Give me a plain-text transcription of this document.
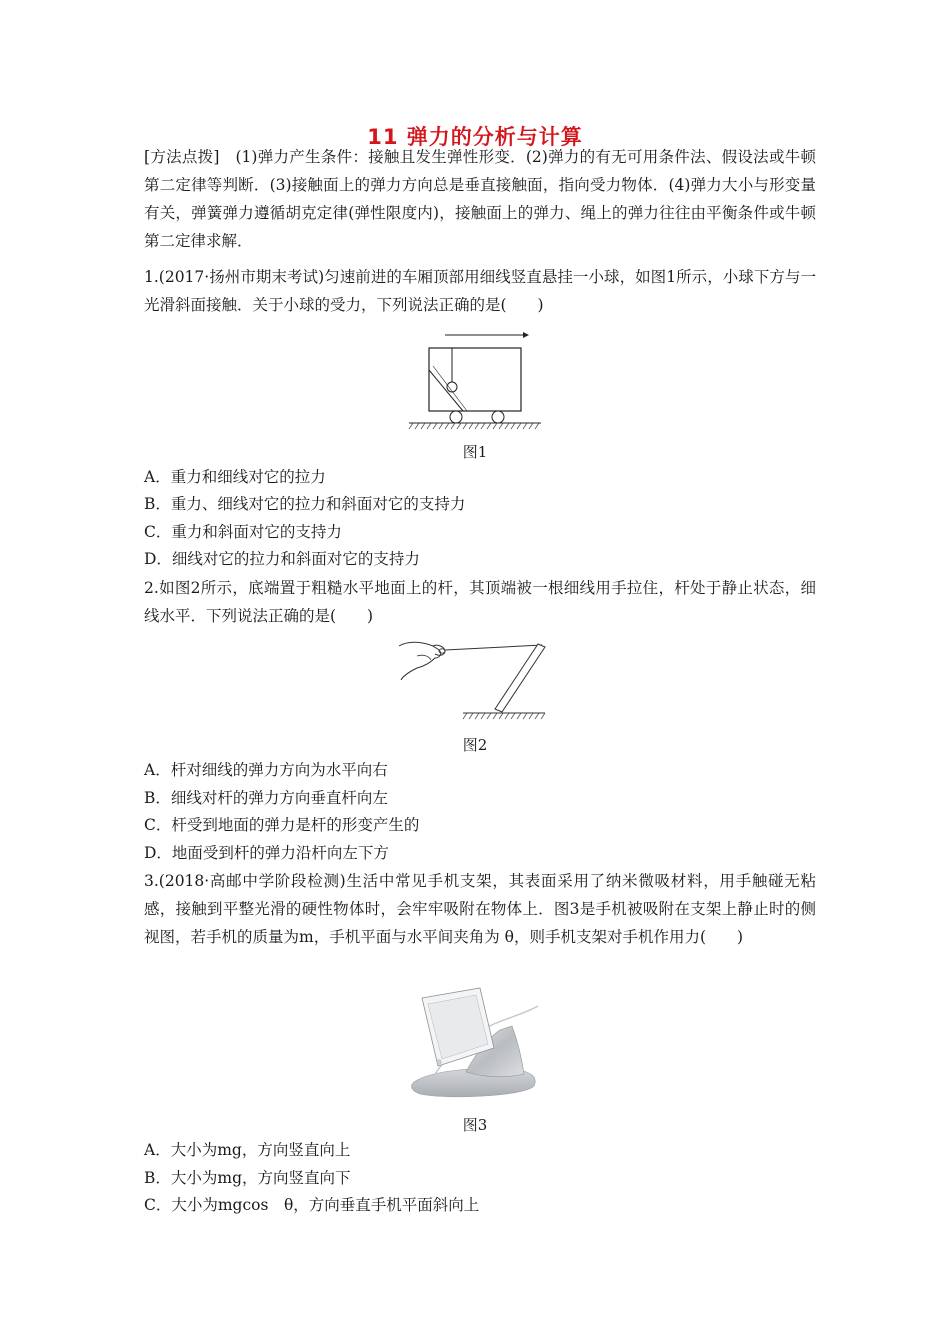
11 弹力的分析与计算
[方法点拨]　(1)弹力产生条件：接触且发生弹性形变．(2)弹力的有无可用条件法、假设法或牛顿第二定律等判断．(3)接触面上的弹力方向总是垂直接触面，指向受力物体．(4)弹力大小与形变量有关，弹簧弹力遵循胡克定律(弹性限度内)，接触面上的弹力、绳上的弹力往往由平衡条件或牛顿第二定律求解．
1.(2017·扬州市期末考试)匀速前进的车厢顶部用细线竖直悬挂一小球，如图1所示，小球下方与一光滑斜面接触．关于小球的受力，下列说法正确的是(　　)
图1
A．重力和细线对它的拉力
B．重力、细线对它的拉力和斜面对它的支持力
C．重力和斜面对它的支持力
D．细线对它的拉力和斜面对它的支持力
2.如图2所示，底端置于粗糙水平地面上的杆，其顶端被一根细线用手拉住，杆处于静止状态，细线水平．下列说法正确的是(　　)
图2
A．杆对细线的弹力方向为水平向右
B．细线对杆的弹力方向垂直杆向左
C．杆受到地面的弹力是杆的形变产生的
D．地面受到杆的弹力沿杆向左下方
3.(2018·高邮中学阶段检测)生活中常见手机支架，其表面采用了纳米微吸材料，用手触碰无粘感，接触到平整光滑的硬性物体时，会牢牢吸附在物体上．图3是手机被吸附在支架上静止时的侧视图，若手机的质量为m，手机平面与水平间夹角为 θ，则手机支架对手机作用力(　　)
图3
A．大小为mg，方向竖直向上
B．大小为mg，方向竖直向下
C．大小为mgcos　θ，方向垂直手机平面斜向上
